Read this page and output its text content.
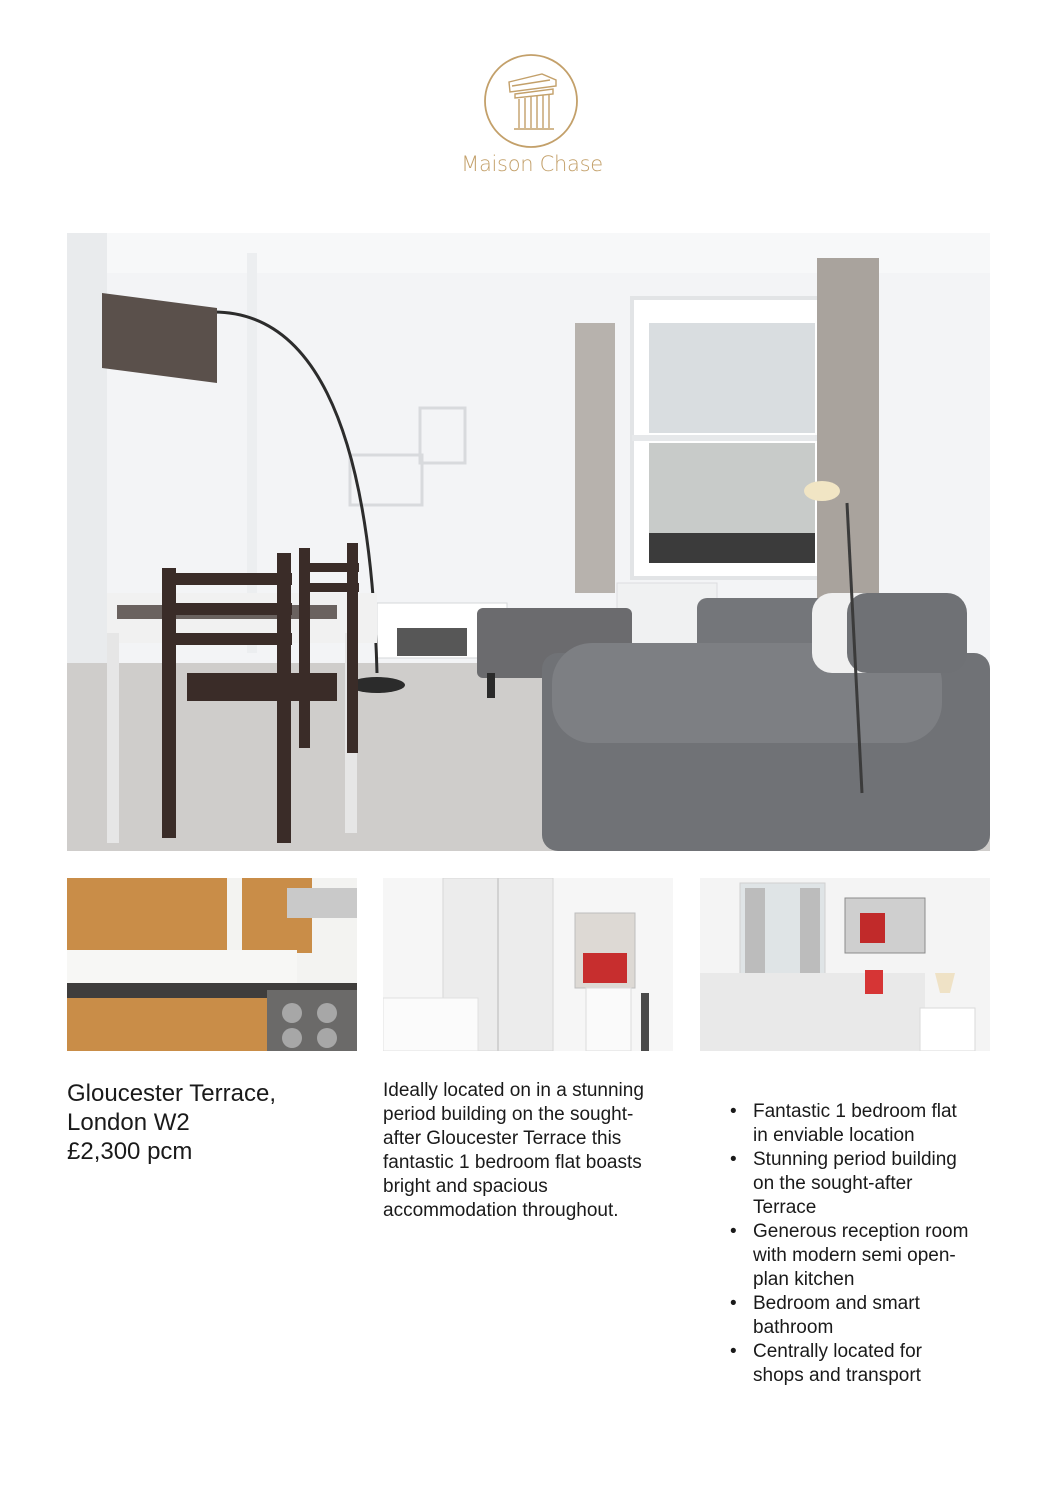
Maison Chase
Gloucester Terrace,
London W2
£2,300 pcm
Ideally located on in a stunning
period building on the sought-
after Gloucester Terrace this
fantastic 1 bedroom flat boasts
bright and spacious
accommodation throughout.
• Fantastic 1 bedroom flat
in enviable location
• Stunning period building
on the sought-after
Terrace
• Generous reception room
with modern semi open-
plan kitchen
• Bedroom and smart
bathroom
• Centrally located for
shops and transport
